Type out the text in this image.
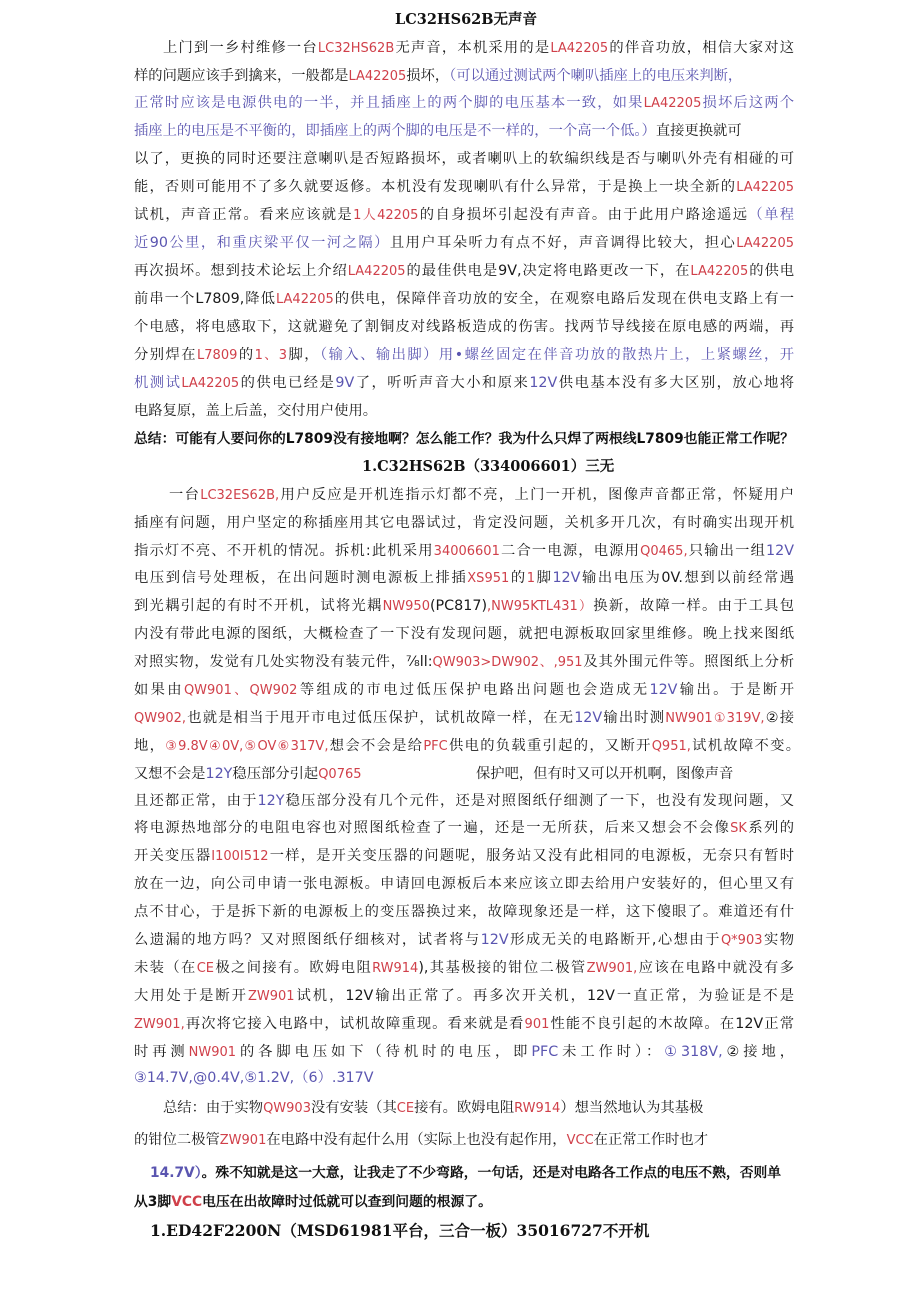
LC32HS62B无声音
上门到一乡村维修一台LC32HS62B无声音，本机采用的是LA42205的伴音功放，相信大家对这
样的问题应该手到擒来，一般都是LA42205损坏，（可以通过测试两个喇叭插座上的电压来判断，
正常时应该是电源供电的一半，并且插座上的两个脚的电压基本一致，如果LA42205损坏后这两个
插座上的电压是不平衡的，即插座上的两个脚的电压是不一样的，一个高一个低。）直接更换就可
以了，更换的同时还要注意喇叭是否短路损坏，或者喇叭上的软编织线是否与喇叭外壳有相碰的可
能，否则可能用不了多久就要返修。本机没有发现喇叭有什么异常，于是换上一块全新的LA42205
试机，声音正常。看来应该就是1人42205的自身损坏引起没有声音。由于此用户路途遥远（单程
近90公里，和重庆梁平仅一河之隔）且用户耳朵听力有点不好，声音调得比较大，担心LA42205
再次损坏。想到技术论坛上介绍LA42205的最佳供电是9V,决定将电路更改一下，在LA42205的供电
前串一个L7809,降低LA42205的供电，保障伴音功放的安全，在观察电路后发现在供电支路上有一
个电感，将电感取下，这就避免了割铜皮对线路板造成的伤害。找两节导线接在原电感的两端，再
分别焊在L7809的1、3脚，（输入、输出脚）用•螺丝固定在伴音功放的散热片上，上紧螺丝，开
机测试LA42205的供电已经是9V了，听听声音大小和原来12V供电基本没有多大区别，放心地将
电路复原，盖上后盖，交付用户使用。
总结：可能有人要问你的L7809没有接地啊？怎么能工作？我为什么只焊了两根线L7809也能正常工作呢？
1.C32HS62B（334006601）三无
一台LC32ES62B,用户反应是开机连指示灯都不亮，上门一开机，图像声音都正常，怀疑用户
插座有问题，用户坚定的称插座用其它电器试过，肯定没问题，关机多开几次，有时确实出现开机
指示灯不亮、不开机的情况。拆机:此机采用34006601二合一电源，电源用Q0465,只输出一组12V
电压到信号处理板，在出问题时测电源板上排插XS951的1脚12V输出电压为0V.想到以前经常遇
到光耦引起的有时不开机，试将光耦NW950(PC817),NW95KTL431）换新，故障一样。由于工具包
内没有带此电源的图纸，大概检查了一下没有发现问题，就把电源板取回家里维修。晚上找来图纸
对照实物，发觉有几处实物没有装元件，⅞ll:QW903>DW902、,951及其外围元件等。照图纸上分析
如果由QW901、QW902等组成的市电过低压保护电路出问题也会造成无12V输出。于是断开
QW902,也就是相当于甩开市电过低压保护，试机故障一样，在无12V输出时测NW901①319V,②接
地，③9.8V④0V,⑤OV⑥317V,想会不会是给PFC供电的负载重引起的，又断开Q951,试机故障不变。
又想不会是12Y稳压部分引起Q0765	保护吧，但有时又可以开机啊，图像声音
且还都正常，由于12Y稳压部分没有几个元件，还是对照图纸仔细测了一下，也没有发现问题，又
将电源热地部分的电阻电容也对照图纸检查了一遍，还是一无所获，后来又想会不会像SK系列的
开关变压器I100I512一样，是开关变压器的问题呢，服务站又没有此相同的电源板，无奈只有暂时
放在一边，向公司申请一张电源板。申请回电源板后本来应该立即去给用户安装好的，但心里又有
点不甘心，于是拆下新的电源板上的变压器换过来，故障现象还是一样，这下傻眼了。难道还有什
么遗漏的地方吗？又对照图纸仔细核对，试者将与12V形成无关的电路断开,心想由于Q*903实物
未装（在CE极之间接有。欧姆电阻RW914),其基极接的钳位二极管ZW901,应该在电路中就没有多
大用处于是断开ZW901试机，12V输出正常了。再多次开关机，12V一直正常，为验证是不是
ZW901,再次将它接入电路中，试机故障重现。看来就是看901性能不良引起的木故障。在12V正常
时再测NW901的各脚电压如下（待机时的电压，即PFC未工作时）：①318V,②接地，
③14.7V,@0.4V,⑤1.2V,（6）.317V
总结：由于实物QW903没有安装（其CE接有。欧姆电阻RW914）想当然地认为其基极
的钳位二极管ZW901在电路中没有起什么用（实际上也没有起作用，VCC在正常工作时也才
14.7V）。殊不知就是这一大意，让我走了不少弯路，一句话，还是对电路各工作点的电压不熟，否则单
从3脚VCC电压在出故障时过低就可以查到问题的根源了。
1.ED42F2200N（MSD61981平台，三合一板）35016727不开机
